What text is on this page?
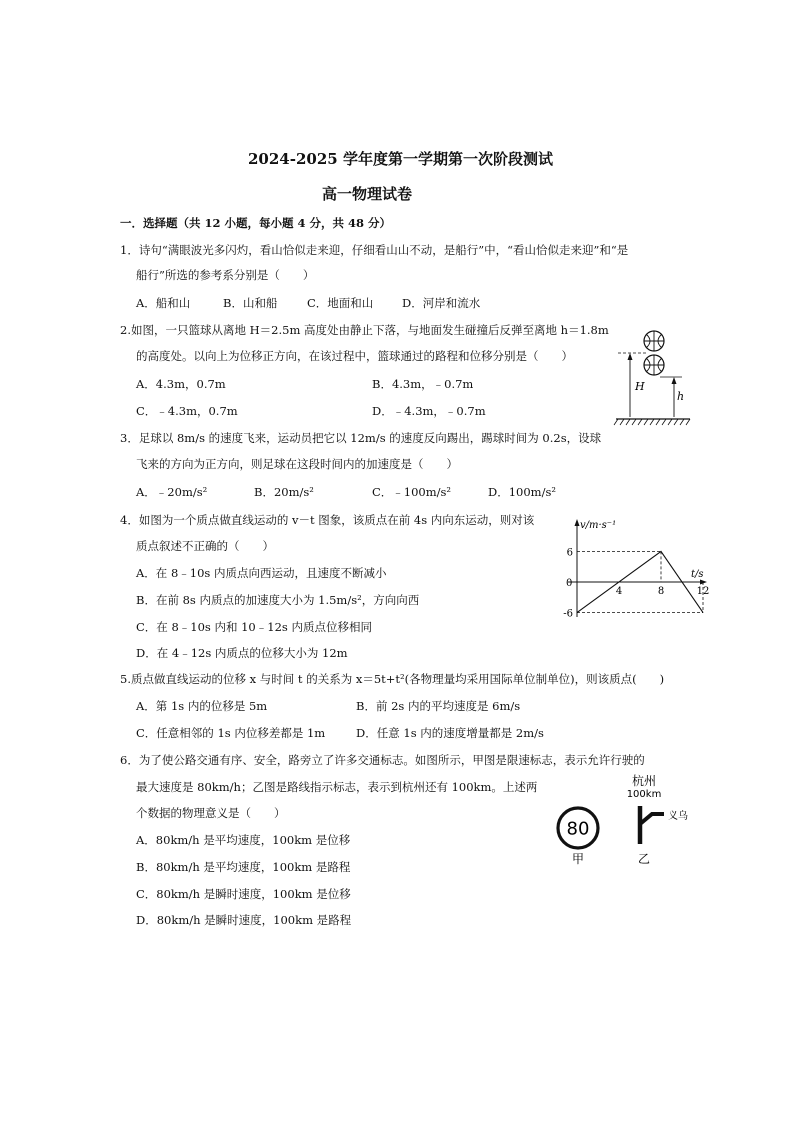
2024-2025 学年度第一学期第一次阶段测试
高一物理试卷
一．选择题（共 12 小题，每小题 4 分，共 48 分）
1．诗句“满眼波光多闪灼，看山恰似走来迎，仔细看山山不动，是船行”中，“看山恰似走来迎”和“是
船行”所选的参考系分别是（　　）
A．船和山	B．山和船	C．地面和山 D．河岸和流水
2.如图，一只篮球从离地 H＝2.5m 高度处由静止下落，与地面发生碰撞后反弹至离地 h＝1.8m
的高度处。以向上为位移正方向，在该过程中，篮球通过的路程和位移分别是（　　）
A．4.3m，0.7m	B．4.3m，﹣0.7m
C．﹣4.3m，0.7m	D．﹣4.3m，﹣0.7m
H
h
3．足球以 8m/s 的速度飞来，运动员把它以 12m/s 的速度反向踢出，踢球时间为 0.2s，设球
飞来的方向为正方向，则足球在这段时间内的加速度是（　　）
A．﹣20m/s²	B．20m/s²	C．﹣100m/s²	D．100m/s²
4．如图为一个质点做直线运动的 v－t 图象，该质点在前 4s 内向东运动，则对该
质点叙述不正确的（　　）
A．在 8﹣10s 内质点向西运动，且速度不断减小
B．在前 8s 内质点的加速度大小为 1.5m/s²，方向向西
C．在 8﹣10s 内和 10﹣12s 内质点位移相同
D．在 4﹣12s 内质点的位移大小为 12m
v/m·s⁻¹
t/s
0
6
-6
4	8	12
5.质点做直线运动的位移 x 与时间 t 的关系为 x＝5t+t²(各物理量均采用国际单位制单位)，则该质点(　　)
A．第 1s 内的位移是 5m	B．前 2s 内的平均速度是 6m/s
C．任意相邻的 1s 内位移差都是 1m	D．任意 1s 内的速度增量都是 2m/s
6．为了使公路交通有序、安全，路旁立了许多交通标志。如图所示，甲图是限速标志，表示允许行驶的
最大速度是 80km/h；乙图是路线指示标志，表示到杭州还有 100km。上述两
个数据的物理意义是（　　）
A．80km/h 是平均速度，100km 是位移
B．80km/h 是平均速度，100km 是路程
C．80km/h 是瞬时速度，100km 是位移
D．80km/h 是瞬时速度，100km 是路程
80
甲
杭州
100km
义乌
乙
